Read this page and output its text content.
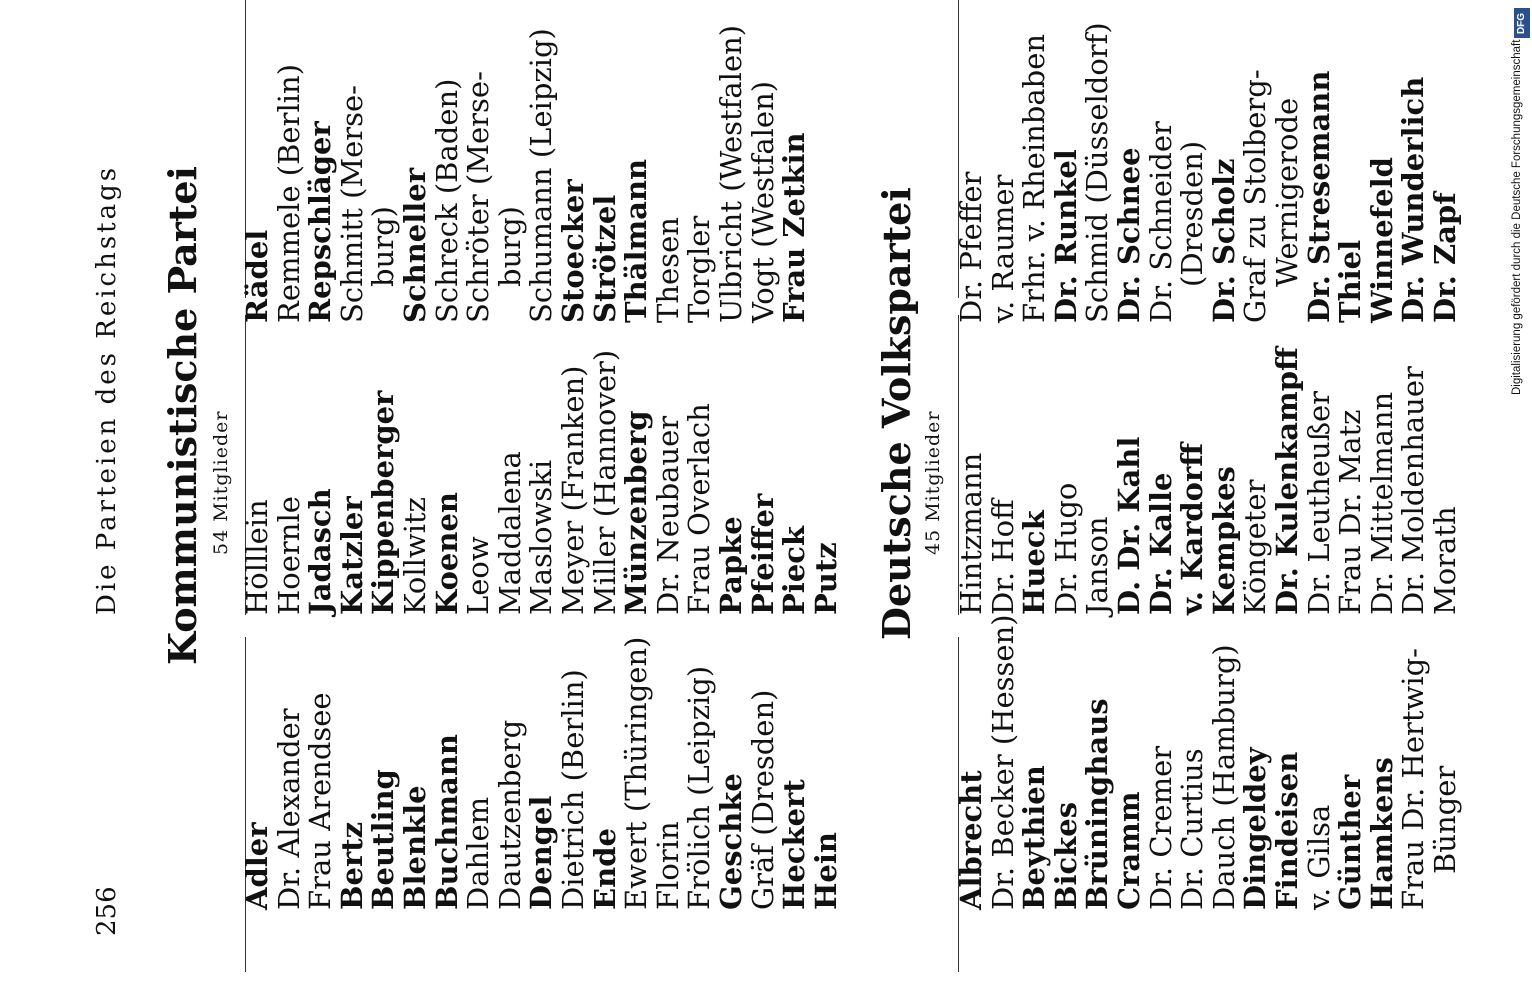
256
Die Parteien des Reichstags Kommunistische Partei 54 Mitglieder
Adler
Dr. Alexander
Frau Arendsee
Bertz
Beutling
Blenkle
Buchmann
Dahlem
Dautzenberg
Dengel
Dietrich (Berlin)
Ende
Ewert (Thüringen)
Florin
Frölich (Leipzig)
Geschke
Gräf (Dresden)
Heckert
Hein
Hölllein
Hoernle
Jadasch
Katzler
Kippenberger
Kollwitz
Koenen
Leow
Maddalena
Maslowski
Meyer (Franken)
Miller (Hannover)
Münzenberg
Dr. Neubauer
Frau Overlach
Papke
Pfeiffer
Pieck
Putz
Rädel
Remmele (Berlin)
Repschläger
Schmitt (Merse-
burg)
Schneller
Schreck (Baden)
Schröter (Merse-
burg)
Schumann (Leipzig)
Stoecker
Strötzel
Thälmann
Thesen
Torgler
Ulbricht (Westfalen)
Vogt (Westfalen)
Frau Zetkin Deutsche Volkspartei 45 Mitglieder
Albrecht
Dr. Becker (Hessen)
Beythien
Bickes
Brüninghaus
Cramm
Dr. Cremer
Dr. Curtius
Dauch (Hamburg)
Dingeldey
Findeisen
v. Gilsa
Günther
Hamkens
Frau Dr. Hertwig-
Bünger
Hintzmann
Dr. Hoff
Hueck
Dr. Hugo
Janson
D. Dr. Kahl
Dr. Kalle
v. Kardorff
Kempkes
Köngeter
Dr. Kulenkampff
Dr. Leutheußer
Frau Dr. Matz
Dr. Mittelmann
Dr. Moldenhauer
Morath
Dr. Pfeffer
v. Raumer
Frhr. v. Rheinbaben
Dr. Runkel
Schmid (Düsseldorf)
Dr. Schnee
Dr. Schneider
(Dresden)
Dr. Scholz
Graf zu Stolberg-
Wernigerode
Dr. Stresemann
Thiel
Winnefeld
Dr. Wunderlich
Dr. Zapf	Digitalisierung gefördert durch die Deutsche Forschungsgemeinschaft
DFG
